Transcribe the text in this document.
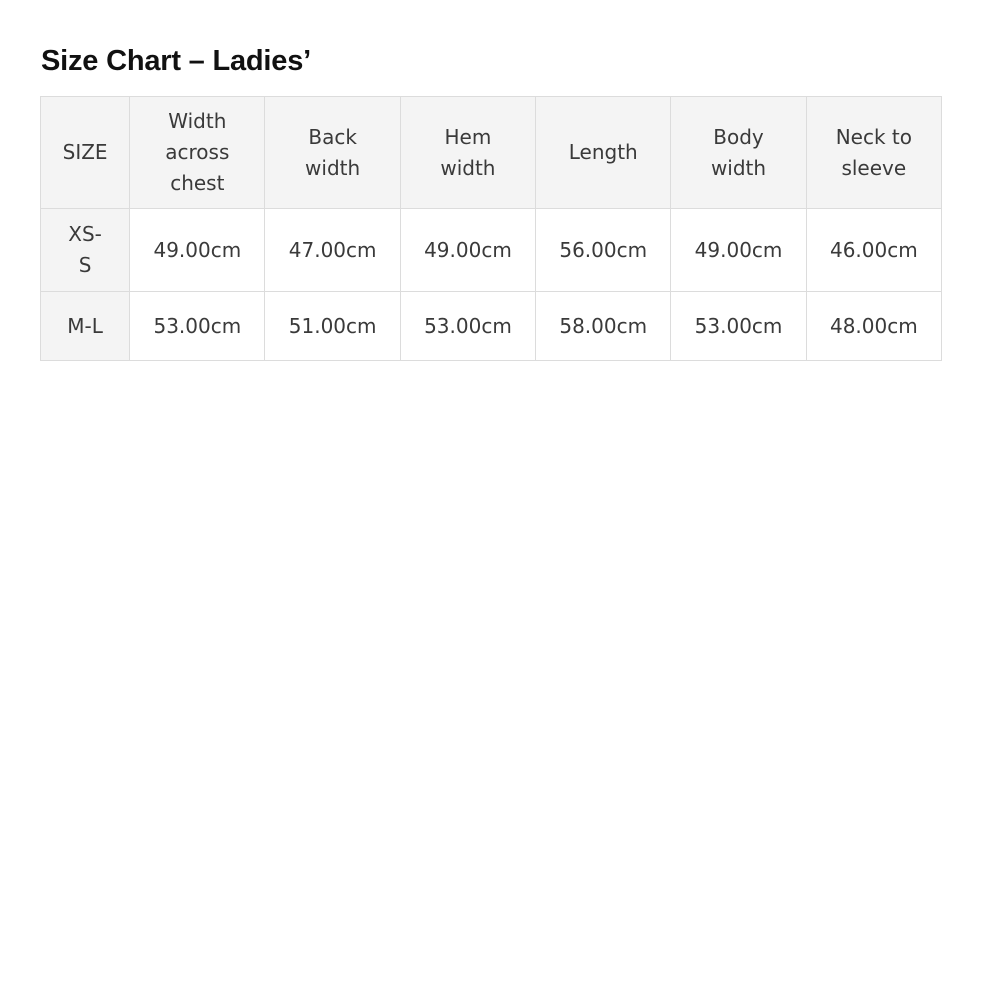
Size Chart – Ladies’
SIZE	Width across chest	Back width	Hem width	Length	Body width	Neck to sleeve
XS-S	49.00cm	47.00cm	49.00cm	56.00cm	49.00cm	46.00cm
M-L	53.00cm	51.00cm	53.00cm	58.00cm	53.00cm	48.00cm
